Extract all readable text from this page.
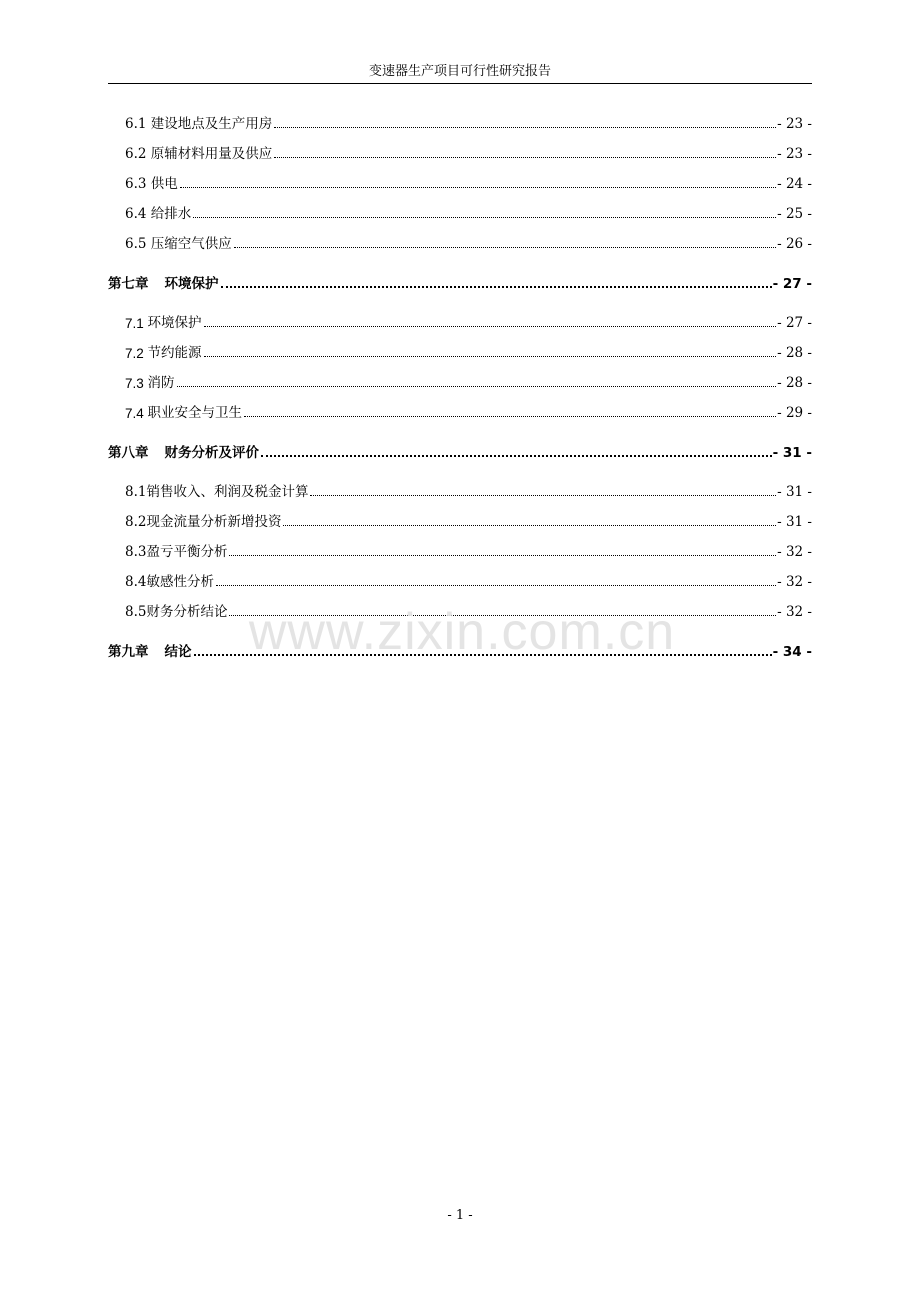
变速器生产项目可行性研究报告
6.1 建设地点及生产用房	- 23 -
6.2 原辅材料用量及供应	- 23 -
6.3 供电	- 24 -
6.4 给排水	- 25 -
6.5 压缩空气供应	- 26 -
第七章 环境保护	- 27 -
7.1 环境保护	- 27 -
7.2 节约能源	- 28 -
7.3 消防	- 28 -
7.4 职业安全与卫生	- 29 -
第八章 财务分析及评价	- 31 -
8.1 销售收入、利润及税金计算	- 31 -
8.2 现金流量分析新增投资	- 31 -
8.3 盈亏平衡分析	- 32 -
8.4 敏感性分析	- 32 -
8.5 财务分析结论	- 32 -
第九章 结论	- 34 -
www.zixin.com.cn
- 1 -
